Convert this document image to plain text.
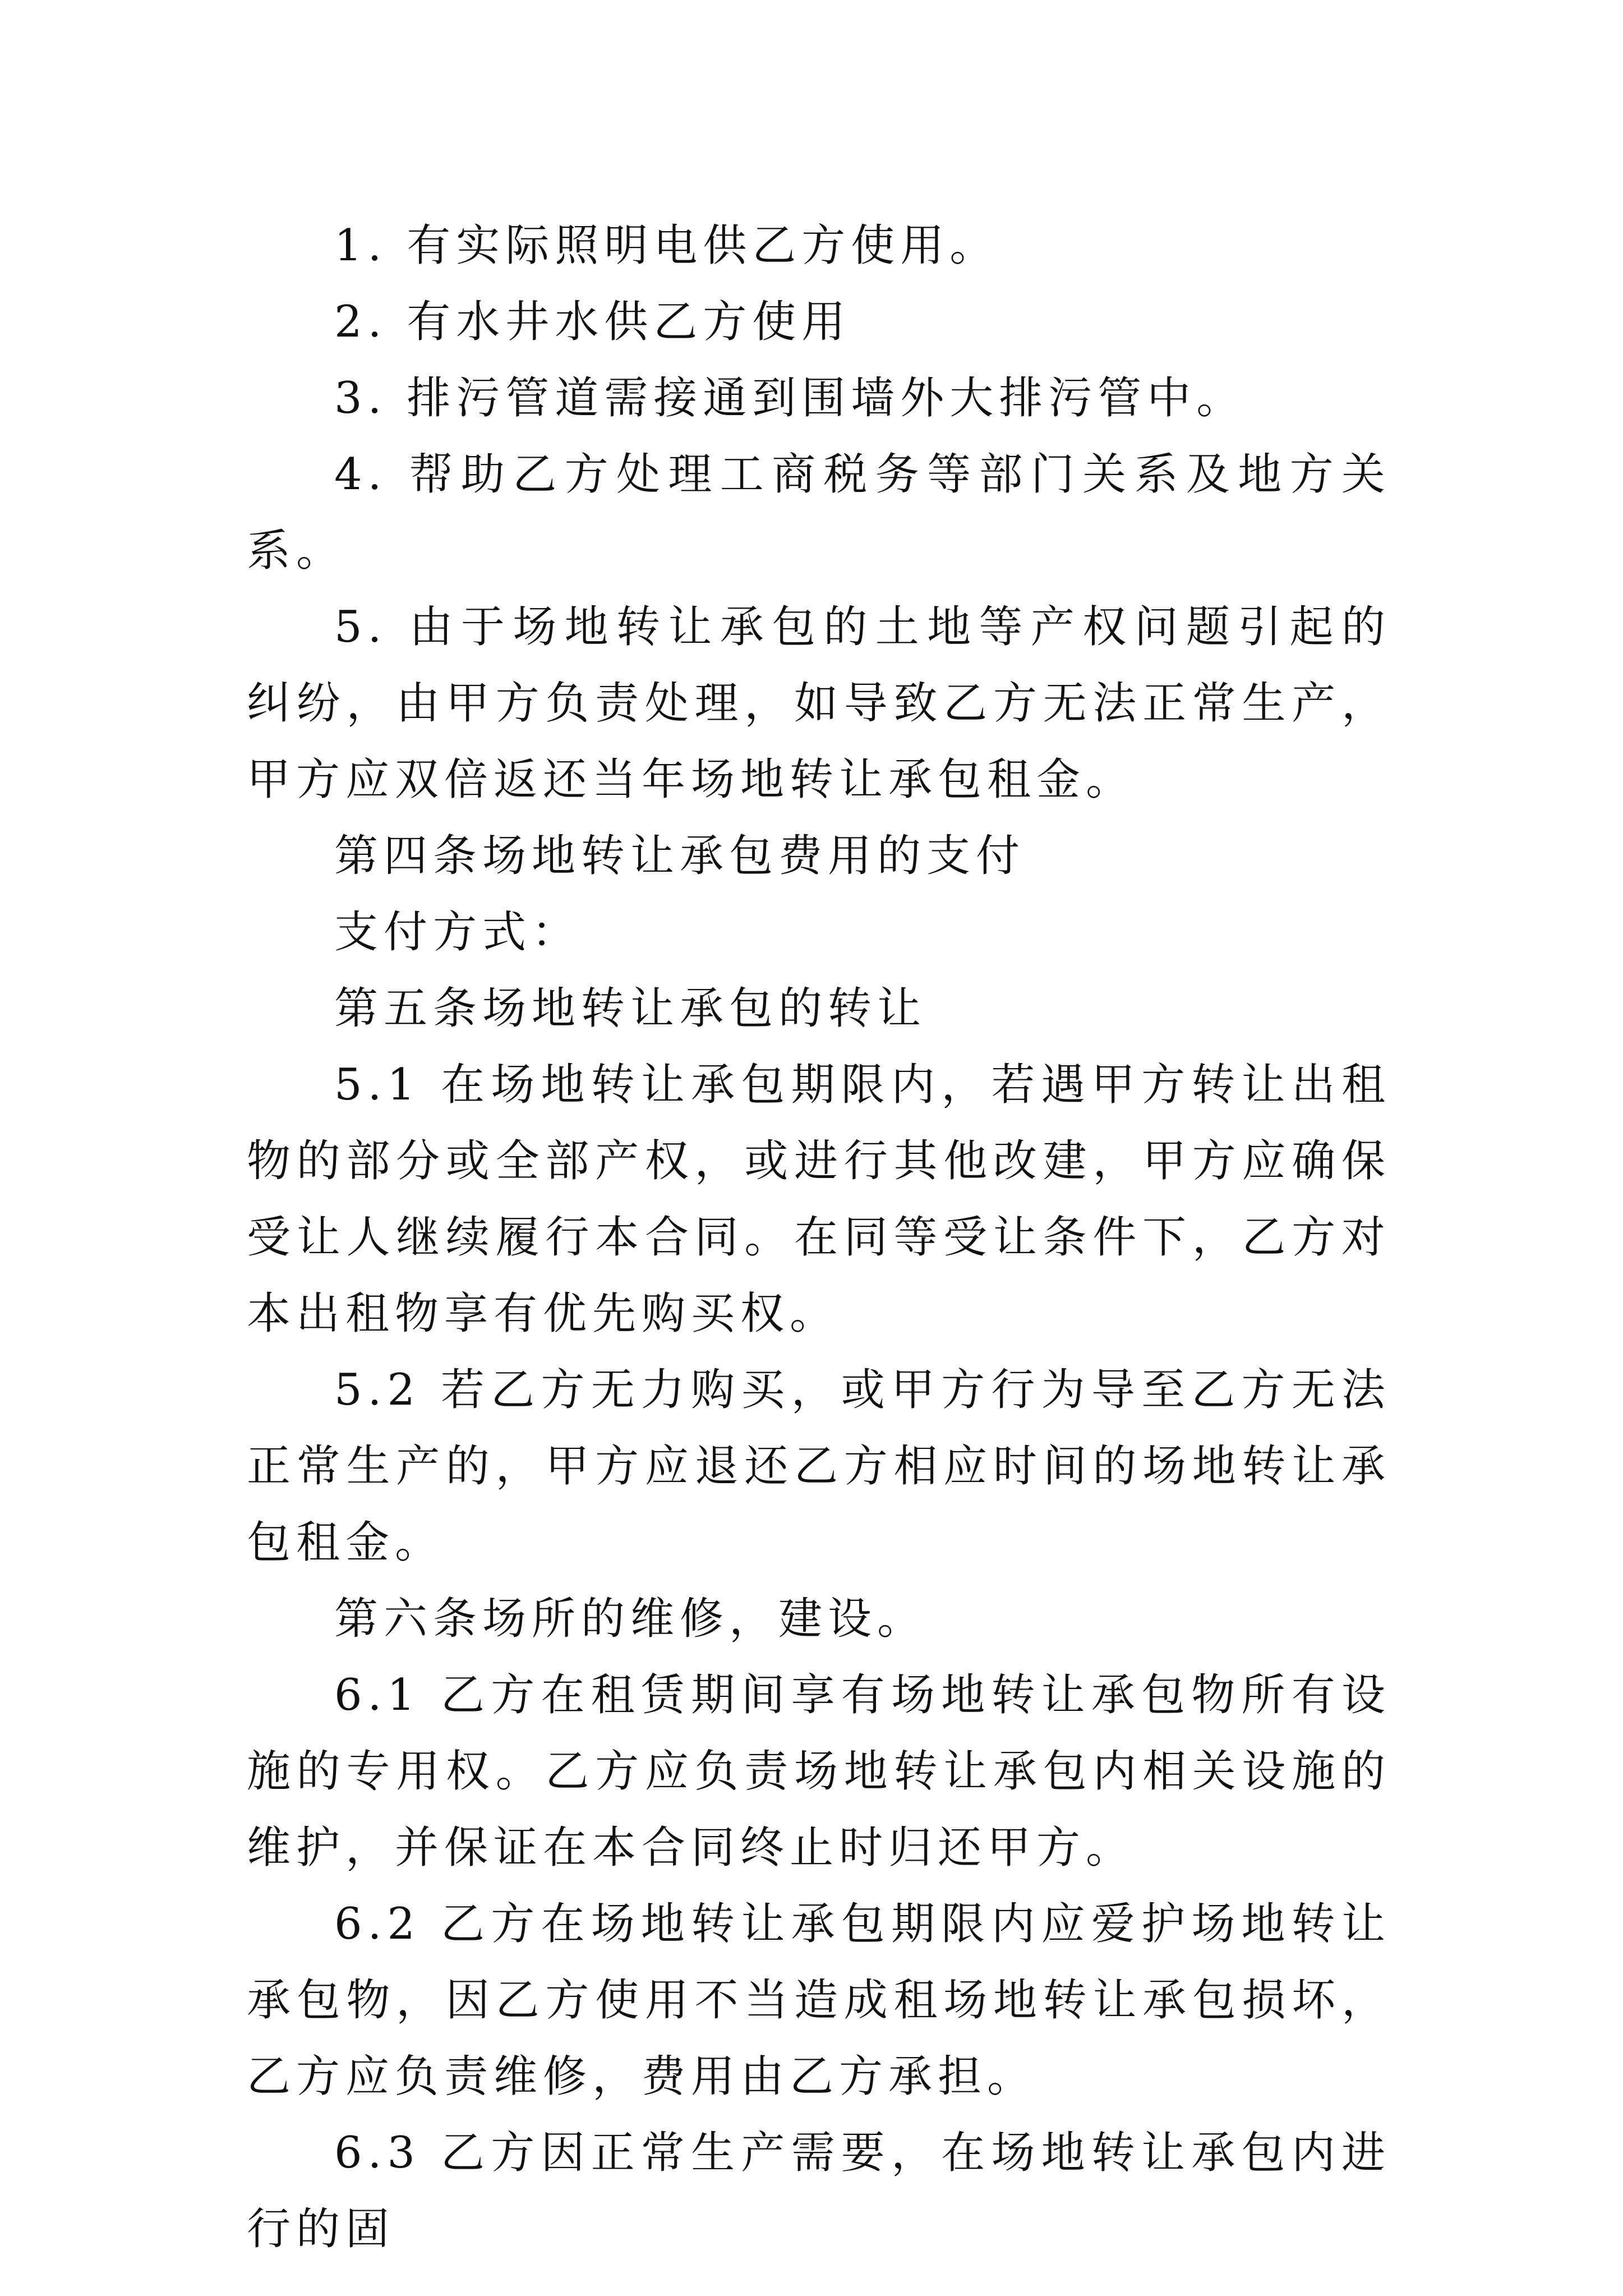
1. 有实际照明电供乙方使用。

2. 有水井水供乙方使用

3. 排污管道需接通到围墙外大排污管中。

4. 帮助乙方处理工商税务等部门关系及地方关系。

5. 由于场地转让承包的土地等产权问题引起的纠纷，由甲方负责处理，如导致乙方无法正常生产，甲方应双倍返还当年场地转让承包租金。

第四条场地转让承包费用的支付

支付方式：

第五条场地转让承包的转让

5.1 在场地转让承包期限内，若遇甲方转让出租物的部分或全部产权，或进行其他改建，甲方应确保受让人继续履行本合同。在同等受让条件下，乙方对本出租物享有优先购买权。

5.2 若乙方无力购买，或甲方行为导至乙方无法正常生产的，甲方应退还乙方相应时间的场地转让承包租金。

第六条场所的维修，建设。

6.1 乙方在租赁期间享有场地转让承包物所有设施的专用权。乙方应负责场地转让承包内相关设施的维护，并保证在本合同终止时归还甲方。

6.2 乙方在场地转让承包期限内应爱护场地转让承包物，因乙方使用不当造成租场地转让承包损坏，乙方应负责维修，费用由乙方承担。

6.3 乙方因正常生产需要，在场地转让承包内进行的固
